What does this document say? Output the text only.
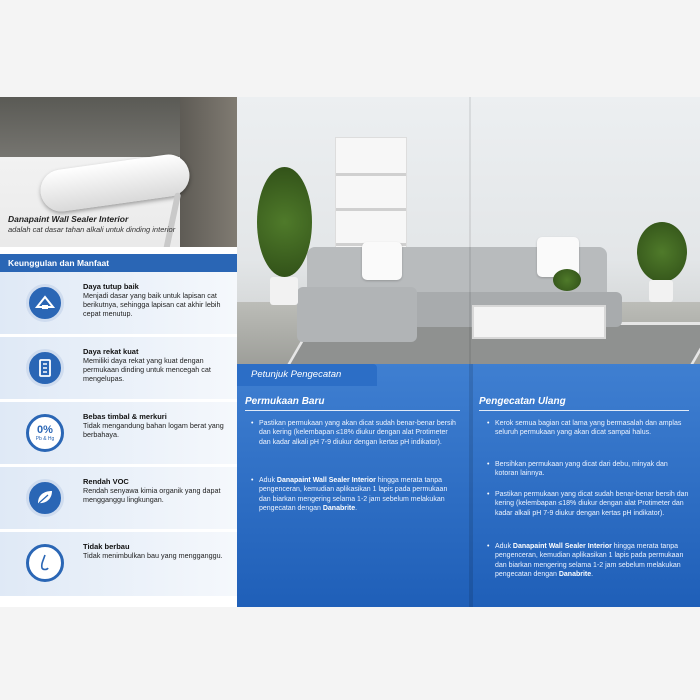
Danapaint Wall Sealer Interior
adalah cat dasar tahan alkali untuk dinding interior
Keunggulan dan Manfaat
Daya tutup baik
Menjadi dasar yang baik untuk lapisan cat berikutnya, sehingga lapisan cat akhir lebih cepat menutup.
Daya rekat kuat
Memiliki daya rekat yang kuat dengan permukaan dinding untuk mencegah cat mengelupas.
0%
Pb & Hg
Bebas timbal & merkuri
Tidak mengandung bahan logam berat yang berbahaya.
Rendah VOC
Rendah senyawa kimia organik yang dapat mengganggu lingkungan.
Tidak berbau
Tidak menimbulkan bau yang mengganggu.
Petunjuk Pengecatan
Permukaan Baru
• Pastikan permukaan yang akan dicat sudah benar-benar bersih dan kering (kelembapan ≤18% diukur dengan alat Protimeter dan kadar alkali pH 7-9 diukur dengan kertas pH indikator).
• Aduk Danapaint Wall Sealer Interior hingga merata tanpa pengenceran, kemudian aplikasikan 1 lapis pada permukaan dan biarkan mengering selama 1-2 jam sebelum melakukan pengecatan dengan Danabrite.
Pengecatan Ulang
• Kerok semua bagian cat lama yang bermasalah dan amplas seluruh permukaan yang akan dicat sampai halus.
• Bersihkan permukaan yang dicat dari debu, minyak dan kotoran lainnya.
• Pastikan permukaan yang dicat sudah benar-benar bersih dan kering (kelembapan ≤18% diukur dengan alat Protimeter dan kadar alkali pH 7-9 diukur dengan kertas pH indikator).
• Aduk Danapaint Wall Sealer Interior hingga merata tanpa pengenceran, kemudian aplikasikan 1 lapis pada permukaan dan biarkan mengering selama 1-2 jam sebelum melakukan pengecatan dengan Danabrite.
